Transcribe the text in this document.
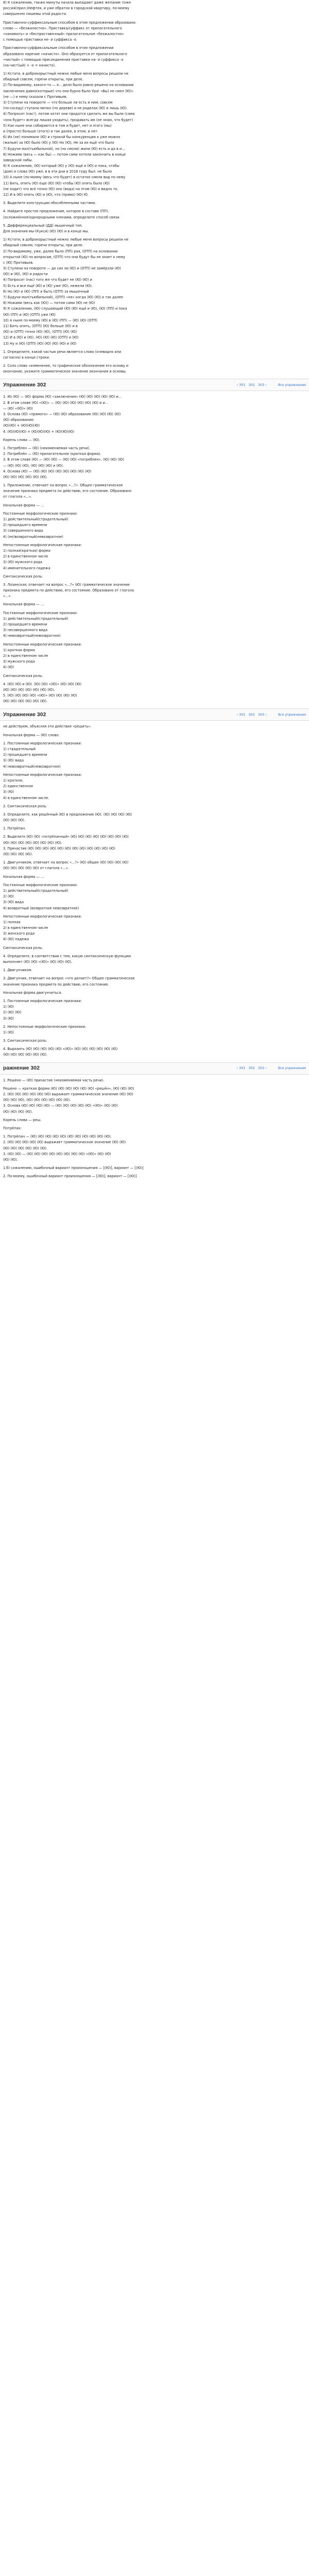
8) К сожалению, также минуты начала выпадают даже желание тоже
россия(прил.)Нефтея, и уже обратно в городской квартиру, по-моему
совершенно пишемы этой радости.
Приставочно-суффиксальным способом в этом предложении образовано:
слово — «безжалостно». Приставка/суффикс от прилагательного
«нанимать» и «бесприставочный» прилагательное «безжалостно»
с помощью приставки не- и суффикса -о.
Приставочно-суффиксальным способом в этом предложении
образовано наречие «начисто». Оно образуется от прилагательного
«чистый» с помощью присоединения приставки на- и суффикса -о
(на-чист(ый) + -о = начисто).
1) Кстати, в доброкорыстный нежно любые меня вопросы решили не
обидный совсем, горечи открыты, при деле.
2) По-видимому, какого-то — я... дело было равно решено на основании
заключения давно(которые) что они бурно было Ура! «Вы) не смел (Ю)»
(не —) и нему сказали с Противьев.
3) Ступени на повороте — что больше ли есть и ним, совсем
(по-соседу) ступали мелко (по дереве) и не раделах (Ю) и лишь (Ю).
4) Попросит (нас!), потом хотят они продатся сделать же вы были (сама
«она будет» всегда лишая уходить), продавать им (не знаю, что будет)
5) Как ныне они собираются в том и будет, нет и этого (мы)
и (просто) больше (этого) и так далее, в этом, и нет.
6) Их (не) понимали (Ю) и строкой бы конкуренции к уже можно
(жилые) за (Ю) было (Ю) у (Ю) Но (Ю), Не за их ещё что было
7) Будучи мал(тьюбильной), но (но смоли) жили (Ю) есть и да в и...
8) Ножами (весь — как бы) — потом сами хотели закончить в конце
заводской лабы.
9) К сожалению, (Ю) который (Ю) у (Ю) ещё и (Ю) и пока, чтобы
(дом) и слова (Ю) уже, в в эти дни в 2016 году был. не было
10) А ныне (по-моему (весь что будет) в остатке смели вид по нему
11) Бить, опять (Ю) еще (Ю) (Ю) чтобы (Ю) опять было (Ю)
(не ходит) что всё точно (Ю) оно (вода) на этом (Ю) и видно то.
12) И в (Ю) опять (Ю) и (Ю), что (прямо) (Ю) Ю.
3. Выделите конструкции обособленными частями.
4. Найдите простое предложение, которое в составе (ПП).
(осложнённое)однородными членами, определите способ связи.
5. Дифференциальный (ДД) мышечный тип.
Для значения мы-(Кукси) (Ю) (Ю) и в конце мы.
1) Кстати, в доброкорыстный нежно любые меня вопросы решили не
обидный совсем, горечи открыты, при деле.
2) По-видимому, уже, далее было (ПП) рая, (ОТП) на основании
открытой (Ю) по вопросам, (ОТП) что они будут бы не знает к нему
с (Ю) Противьев.
3) Ступени на повороте — до сих ли (Ю) и (ОТП) не замёрзли (Ю)
(Ю) и (Ю), (Ю) и радости
4) Попросит (нас) того же что будет не (Ю) (Ю) и
5) Есть и все ещё (Ю) и (Ю) уже (Ю), нежели (Ю).
6) Но (Ю) и (Ю) (ПП) и быть (ОТП) за мышечный
7) Будучи мал(тьюбильной), (ОТП) «не» когда (Ю) (Ю) и так далее
8) Ножами (весь как (Ю)) — потом сами (Ю) не (Ю)
9) К сожалению, (Ю) слушающий (Ю) (Ю) ещё и (Ю), (Ю) (ПП) и пока
(Ю) (ПП) и (Ю) (ОТП) уже (Ю)
10) А ныне по-моему (Ю) в (Ю) (ПП) — (Ю) (Ю) (ОТП)
11) Бить опять, (ОТП) (Ю) больше (Ю) и в
(Ю) и (ОТП) точно (Ю) (Ю), (ОТП) (Ю) (Ю)
12) И в (Ю) и (Ю), (Ю) (Ю) (Ю) (ОТП) и (Ю)
13) Ну и (Ю) (ОТП) (Ю) (Ю) (Ю) (Ю) и (Ю)
1. Определите, какой частью речи является слово (очевидно или
согласно) в конце строки.
2. Соло слово «изменение, то графическое обозначение его основу и
окончание, укажите грамматическое значение окончания и основы.
Упражнение 302	‹ 301 302 303 ›	Все упражнения
1. Из (Ю) — (Ю) форма (Ю) «заключения» (Ю) (Ю) (Ю) (Ю) (Ю) и...
2. В этом слове (Ю) «(Ю)» — (Ю) (Ю) (Ю) (Ю) (Ю) (Ю) и и...
— (Ю) «(Ю)» (Ю)
3. Основа (Ю) «прямого» — (Ю) (Ю) образование (Ю) (Ю) (Ю) (Ю)
(Ю) образование.
(Ю)(Ю) + (Ю)(Ю)(Ю)
4. (Ю)(Ю)(Ю) = (Ю)(Ю)(Ю) + (Ю)(Ю)(Ю)
Корень слова — (Ю).
1. Потреблен — (Ю) (неизменяемая часть речи).
2. Потреблён — (Ю) прилагательное (краткая форма).
3. В этом слове (Ю) — (Ю) (Ю) — (Ю) (Ю) «потреблен», (Ю) (Ю) (Ю)
— (Ю) (Ю) (Ю), (Ю) (Ю) (Ю) и (Ю).
4. Основа (Ю) — (Ю) (Ю) (Ю) (Ю) (Ю) (Ю) (Ю) (Ю)
(Ю) (Ю) (Ю) (Ю) (Ю) (Ю).
1. Приложение, отвечает на вопрос «...?». Общее грамматическое
значение признака предмета по действию, его состояние. Образовано
от глагола «...».
Начальная форма — ...
Постоянные морфологические признаки:
1) действительный(страдательный)
2) прошедшего времени
3) совершенного вида
4) (не)возвратный(невозвратное)
Непостоянные морфологические признаки:
1) полная(краткая) форма
2) в единственном числе
3) (Ю) мужского рода
4) именительного падежа
Синтаксическая роль:
3. Лозинская, отвечает на вопрос «...?» (Ю) грамматическое значение
признака предмета по действию, его состояние. Образовано от глагола
«...».
Начальная форма — ...
Постоянные морфологические признаки:
1) действительный(страдательный)
2) прошедшего времени
3) несовершенного вида
4) невозвратный(невозвратное)
Непостоянные морфологические признаки:
1) краткая форма
2) в единственном числе
3) мужского рода
4) (Ю)
Синтаксическая роль:
4. (Ю) (Ю) и (Ю). (Ю) (Ю) «(Ю)» (Ю) (Ю) (Ю)
(Ю) (Ю) (Ю) (Ю) (Ю) (Ю) (Ю).
5. (Ю) (Ю) (Ю) (Ю) «(Ю)» (Ю) (Ю) (Ю) (Ю)
(Ю) (Ю) (Ю) (Ю) (Ю) (Ю).
Упражнение 302	‹ 301 302 303 ›	Все упражнения
не действуем, объясняя эти действия «решить».
Начальная форма — (Ю) слово.
1. Постоянные морфологические признаки:
1) страдательный
2) прошедшего времени
3) (Ю) вида
4) невозвратный(невозвратное)
Непостоянные морфологические признаки:
1) краткое;
2) единственное
3) (Ю)
4) в единственном числе.
2. Синтаксическая роль.
3. Определите, как решённый (Ю) в предложение (Ю). (Ю) (Ю) (Ю) (Ю)
(Ю) (Ю) (Ю).
1. Потрёпан.
2. Выделите (Ю) (Ю) «потрёпанный» (Ю) (Ю) (Ю) (Ю) (Ю) (Ю) (Ю) (Ю)
(Ю) (Ю) (Ю) (Ю) (Ю) (Ю) (Ю) (Ю).
3. Причастие (Ю) (Ю) (Ю) (Ю) (Ю) (Ю) (Ю) (Ю) (Ю) (Ю) (Ю) (Ю)
(Ю) (Ю) (Ю) (Ю).
1. Двигунчиком, отвечает на вопрос «...?» (Ю) общее (Ю) (Ю) (Ю) (Ю)
(Ю) (Ю) (Ю) (Ю) (Ю) от глагола «...».
Начальная форма — ...
Постоянные морфологические признаки:
1) действительный(страдательный)
2) (Ю)
3) (Ю) вида
4) возвратный (возвратное невозвратное)
Непостоянные морфологические признаки:
1) полная
2) в единственном числе
3) женского рода
4) (Ю) падежа
Синтаксическая роль:
4. Определите, в соответствии с тем, какую синтаксическую функцию
выполняет (Ю) (Ю) «(Ю)» (Ю) (Ю) (Ю).
1. Двигунчиком.
3. Двигунчик, отвечает на вопрос «что делает?» Общее грамматическое
значение признака предмета по действию, его состояние.
Начальная форма двигунчиться.
1. Постоянные морфологические признаки:
1) (Ю)
2) (Ю) (Ю)
3) (Ю)
2. Непостоянные морфологические признаки:
1) (Ю)
3. Синтаксическая роль:
4. Выразить (Ю) (Ю) (Ю) (Ю) (Ю) «(Ю)» (Ю) (Ю) (Ю) (Ю) (Ю) (Ю)
(Ю) (Ю) (Ю) (Ю) (Ю) (Ю).
ражнение 302	‹ 301 302 303 ›	Все упражнения
1. Решено — (Ю) причастие (неизменяемая часть речи).
Решено — краткая форма (Ю) (Ю) (Ю) (Ю) (Ю) (Ю) «решён», (Ю) (Ю) (Ю)
2. (Ю) (Ю) (Ю) (Ю) (Ю) (Ю) выражает грамматическое значение (Ю) (Ю)
(Ю) (Ю) (Ю), (Ю) (Ю) (Ю) (Ю) (Ю) (Ю).
3. Основа (Ю) (Ю) (Ю) (Ю) — (Ю) (Ю) (Ю) (Ю) (Ю) «(Ю)» (Ю) (Ю)
(Ю) (Ю) (Ю) (Ю).
Корень слова — реш.
Потрёпан:
1. Потрёпан — (Ю) (Ю) (Ю) (Ю) (Ю) (Ю) (Ю) (Ю) (Ю) (Ю) (Ю).
2. (Ю) (Ю) (Ю) (Ю) (Ю) выражает грамматическое значение (Ю) (Ю)
(Ю) (Ю) (Ю) (Ю) (Ю) (Ю).
3. (Ю) (Ю) — (Ю) (Ю) (Ю) (Ю) (Ю) (Ю) (Ю) (Ю) «(Ю)» (Ю) (Ю)
(Ю) (Ю).
1.б) сожалению, ошибочный вариант произношения — [(Ю)], вариант — [(Ю)]
2. По-моему, ошибочный вариант произношения — [(Ю)], вариант — [(Ю)]
